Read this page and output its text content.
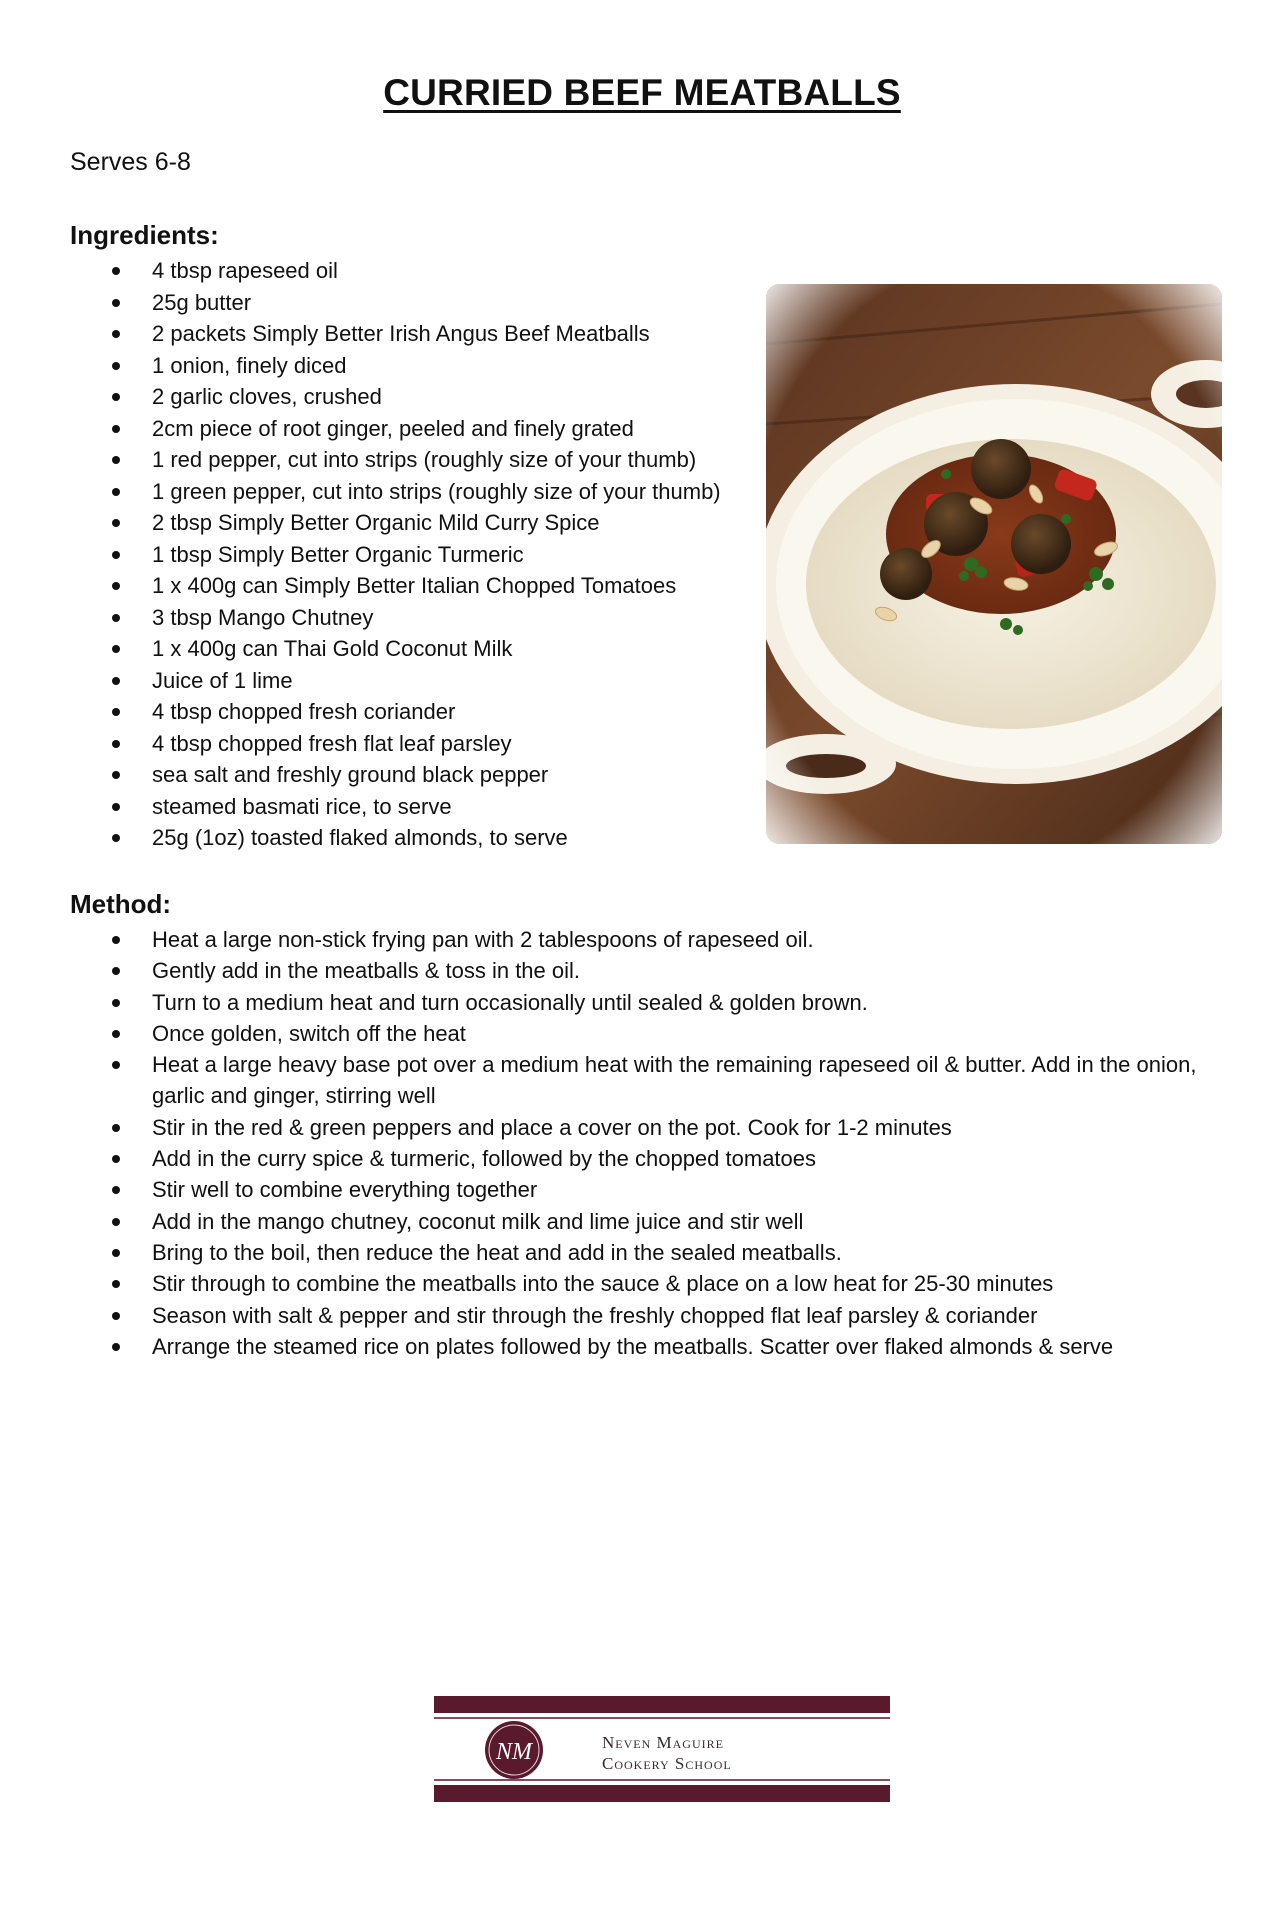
CURRIED BEEF MEATBALLS
Serves 6-8
Ingredients:
4 tbsp rapeseed oil
25g butter
2 packets Simply Better Irish Angus Beef Meatballs
1 onion, finely diced
2 garlic cloves, crushed
2cm piece of root ginger, peeled and finely grated
1 red pepper, cut into strips (roughly size of your thumb)
1 green pepper, cut into strips (roughly size of your thumb)
2 tbsp Simply Better Organic Mild Curry Spice
1 tbsp Simply Better Organic Turmeric
1 x 400g can Simply Better Italian Chopped Tomatoes
3 tbsp Mango Chutney
1 x 400g can Thai Gold Coconut Milk
Juice of 1 lime
4 tbsp chopped fresh coriander
4 tbsp chopped fresh flat leaf parsley
sea salt and freshly ground black pepper
steamed basmati rice, to serve
25g (1oz) toasted flaked almonds, to serve
Method:
Heat a large non-stick frying pan with 2 tablespoons of rapeseed oil.
Gently add in the meatballs & toss in the oil.
Turn to a medium heat and turn occasionally until sealed & golden brown.
Once golden, switch off the heat
Heat a large heavy base pot over a medium heat with the remaining rapeseed oil & butter. Add in the onion, garlic and ginger, stirring well
Stir in the red & green peppers and place a cover on the pot. Cook for 1-2 minutes
Add in the curry spice & turmeric, followed by the chopped tomatoes
Stir well to combine everything together
Add in the mango chutney, coconut milk and lime juice and stir well
Bring to the boil, then reduce the heat and add in the sealed meatballs.
Stir through to combine the meatballs into the sauce & place on a low heat for 25-30 minutes
Season with salt & pepper and stir through the freshly chopped flat leaf parsley & coriander
Arrange the steamed rice on plates followed by the meatballs. Scatter over flaked almonds & serve
NM	Neven Maguire
Cookery School
